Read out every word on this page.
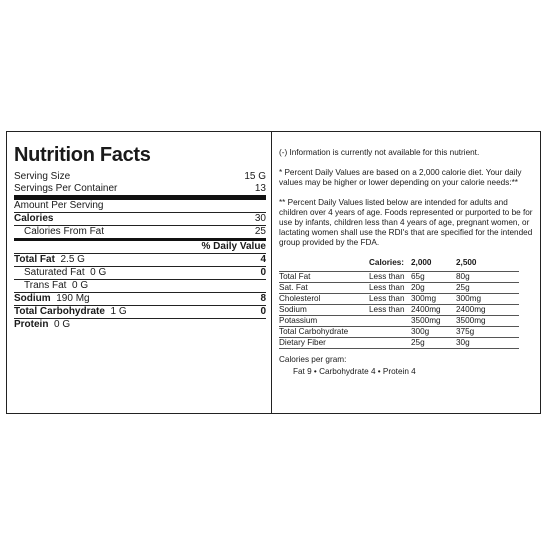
Nutrition Facts
Serving Size	15 G
Servings Per Container	13
Amount Per Serving
Calories	30
Calories From Fat	25
% Daily Value
Total Fat 2.5 G	4
Saturated Fat 0 G	0
Trans Fat 0 G
Sodium 190 Mg	8
Total Carbohydrate 1 G	0
Protein 0 G

(-) Information is currently not available for this nutrient.

* Percent Daily Values are based on a 2,000 calorie diet. Your daily values may be higher or lower depending on your calorie needs:**

** Percent Daily Values listed below are intended for adults and children over 4 years of age. Foods represented or purported to be for use by infants, children less than 4 years of age, pregnant women, or lactating women shall use the RDI's that are specified for the intended group provided by the FDA.

	Calories:	2,000	2,500
Total Fat	Less than	65g	80g
Sat. Fat	Less than	20g	25g
Cholesterol	Less than	300mg	300mg
Sodium	Less than	2400mg	2400mg
Potassium		3500mg	3500mg
Total Carbohydrate		300g	375g
Dietary Fiber		25g	30g
Calories per gram:
Fat 9 • Carbohydrate 4 • Protein 4
